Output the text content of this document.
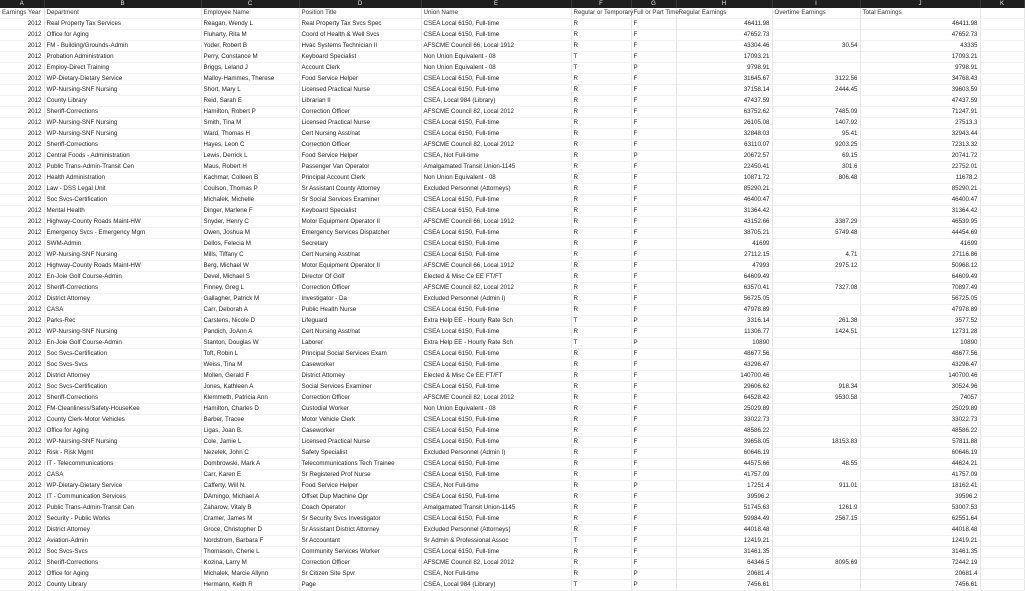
A	B	C	D	E	F	G	H	I	J	K
Earnings Year	Department	Employee Name	Position Title	Union Name	Regular or Temporary	Full or Part Time	Regular Earnings	Overtime Earnings	Total Earnings	
2012	Real Property Tax Services	Reagan, Wendy L	Real Property Tax Svcs Spec	CSEA Local 6150, Full-time	R	F	46411.98		46411.98	
2012	Office for Aging	Fluharty, Rita M	Coord of Health & Well Svcs	CSEA Local 6150, Full-time	R	F	47652.73		47652.73	
2012	FM - Building/Grounds-Admin	Yoder, Robert B	Hvac Systems Technician II	AFSCME Council 66, Local 1912	R	F	43304.46	30.54	43335	
2012	Probation Administration	Perry, Constance M	Keyboard Specialist	Non Union Equivalent - 08	T	F	17093.21		17093.21	
2012	Employ-Direct Training	Briggs, Leland J	Account Clerk	Non Union Equivalent - 08	T	P	9798.91		9798.91	
2012	WP-Dietary-Dietary Service	Malloy-Hammes, Therese	Food Service Helper	CSEA Local 6150, Full-time	R	F	31645.67	3122.56	34768.43	
2012	WP-Nursing-SNF Nursing	Short, Mary L	Licensed Practical Nurse	CSEA Local 6150, Full-time	R	F	37158.14	2444.45	39603.59	
2012	County Library	Reid, Sarah E	Librarian II	CSEA, Local 984 (Library)	R	F	47437.59		47437.59	
2012	Sheriff-Corrections	Hamilton, Robert P	Correction Officer	AFSCME Council 82, Local 2012	R	F	63752.62	7485.09	71247.91	
2012	WP-Nursing-SNF Nursing	Smith, Tina M	Licensed Practical Nurse	CSEA Local 6150, Full-time	R	F	26105.08	1407.92	27513.3	
2012	WP-Nursing-SNF Nursing	Ward, Thomas H	Cert Nursing Asst/nat	CSEA Local 6150, Full-time	R	F	32848.03	95.41	32943.44	
2012	Sheriff-Corrections	Hayes, Leon C	Correction Officer	AFSCME Council 82, Local 2012	R	F	63110.07	9203.25	72313.32	
2012	Central Foods - Administration	Lewis, Derrick L	Food Service Helper	CSEA, Not Full-time	R	P	20672.57	69.15	20741.72	
2012	Public Trans-Admin-Transit Cen	Maus, Robert H	Passenger Van Operator	Amalgamated Transit Union-1145	R	F	22450.41	301.6	22752.01	
2012	Health Administration	Kachmar, Colleen B	Principal Account Clerk	Non Union Equivalent - 08	R	F	10871.72	806.48	11678.2	
2012	Law - DSS Legal Unit	Coulson, Thomas P	Sr Assistant County Attorney	Excluded Personnel (Attorneys)	R	F	85290.21		85290.21	
2012	Soc Svcs-Certification	Michalek, Michelle	Sr Social Services Examiner	CSEA Local 6150, Full-time	R	F	46400.47		46400.47	
2012	Mental Health	Dinger, Marlene F	Keyboard Specialist	CSEA Local 6150, Full-time	R	F	31364.42		31364.42	
2012	Highway-County Roads Maint-HW	Snyder, Henry C	Motor Equipment Operator II	AFSCME Council 66, Local 1912	R	F	43152.66	3387.29	46539.95	
2012	Emergency Svcs - Emergency Mgm	Owen, Joshua M	Emergency Services Dispatcher	CSEA Local 6150, Full-time	R	F	38705.21	5749.48	44454.69	
2012	SWM-Admin	Dellos, Felecia M	Secretary	CSEA Local 6150, Full-time	R	F	41699		41699	
2012	WP-Nursing-SNF Nursing	Mills, Tiffany C	Cert Nursing Asst/nat	CSEA Local 6150, Full-time	R	F	27112.15	4.71	27116.86	
2012	Highway-County Roads Maint-HW	Berg, Michael W	Motor Equipment Operator II	AFSCME Council 66, Local 1912	R	F	47993	2975.12	50968.12	
2012	En-Joie Golf Course-Admin	Devel, Michael S	Director Of Golf	Elected & Misc Ce EE FT/FT	R	F	64609.49		64609.49	
2012	Sheriff-Corrections	Finney, Greg L	Correction Officer	AFSCME Council 82, Local 2012	R	F	63570.41	7327.08	70897.49	
2012	District Attorney	Gallagher, Patrick M	Investigator - Da	Excluded Personnel (Admin I)	R	F	56725.05		56725.05	
2012	CASA	Carr, Deborah A	Public Health Nurse	CSEA Local 6150, Full-time	R	F	47978.89		47978.89	
2012	Parks-Rec	Carstens, Nicole D	Lifeguard	Extra Help EE - Hourly Rate Sch	T	P	3316.14	261.38	3577.52	
2012	WP-Nursing-SNF Nursing	Pandich, JoAnn A	Cert Nursing Asst/nat	CSEA Local 6150, Full-time	R	F	11306.77	1424.51	12731.28	
2012	En-Joie Golf Course-Admin	Stanton, Douglas W	Laborer	Extra Help EE - Hourly Rate Sch	T	P	10890		10890	
2012	Soc Svcs-Certification	Toft, Robin L	Principal Social Services Exam	CSEA Local 6150, Full-time	R	F	48677.56		48677.56	
2012	Soc Svcs-Svcs	Weiss, Tina M	Caseworker	CSEA Local 6150, Full-time	R	F	43296.47		43296.47	
2012	District Attorney	Mollen, Gerald F	District Attorney	Elected & Misc Ce EE FT/FT	R	F	140700.46		140700.46	
2012	Soc Svcs-Certification	Jones, Kathleen A	Social Services Examiner	CSEA Local 6150, Full-time	R	F	29606.62	918.34	30524.96	
2012	Sheriff-Corrections	Klemmeth, Patricia Ann	Correction Officer	AFSCME Council 82, Local 2012	R	F	64528.42	9530.58	74057	
2012	FM-Cleanliness/Safety-HouseKee	Hamilton, Charles D	Custodial Worker	Non Union Equivalent - 08	R	F	25029.89		25029.89	
2012	County Clerk-Motor Vehicles	Barber, Tracee	Motor Vehicle Clerk	CSEA Local 6150, Full-time	R	F	33022.73		33022.73	
2012	Office for Aging	Ligas, Joan B.	Caseworker	CSEA Local 6150, Full-time	R	F	48586.22		48586.22	
2012	WP-Nursing-SNF Nursing	Cole, Jamie L	Licensed Practical Nurse	CSEA Local 6150, Full-time	R	F	39658.05	18153.83	57811.88	
2012	Risk - Risk Mgmt	Nezelek, John C	Safety Specialist	Excluded Personnel (Admin I)	R	F	60646.19		60646.19	
2012	IT - Telecommunications	Dombrowski, Mark A	Telecommunications Tech Trainee	CSEA Local 6150, Full-time	R	F	44575.66	48.55	44624.21	
2012	CASA	Carr, Karen E	Sr Registered Prof Nurse	CSEA Local 6150, Full-time	R	F	41757.09		41757.09	
2012	WP-Dietary-Dietary Service	Cafferty, Will N.	Food Service Helper	CSEA, Not Full-time	R	P	17251.4	911.01	18162.41	
2012	IT - Communication Services	DAmingo, Michael A	Offset Dup Machine Opr	CSEA Local 6150, Full-time	R	F	39596.2		39596.2	
2012	Public Trans-Admin-Transit Cen	Zaharow, Vitaly B	Coach Operator	Amalgamated Transit Union-1145	R	F	51745.63	1261.9	53007.53	
2012	Security - Public Works	Cramer, James M	Sr Security Svcs Investigator	CSEA Local 6150, Full-time	R	F	59984.49	2567.15	62551.64	
2012	District Attorney	Groce, Christopher D	Sr Assistant District Attorney	Excluded Personnel (Attorneys)	R	F	44018.48		44018.48	
2012	Aviation-Admin	Nordstrom, Barbara F	Sr Accountant	Sr Admin & Professional Assoc	T	F	12419.21		12419.21	
2012	Soc Svcs-Svcs	Thomason, Cherie L	Community Services Worker	CSEA Local 6150, Full-time	R	F	31461.35		31461.35	
2012	Sheriff-Corrections	Kozina, Larry M	Correction Officer	AFSCME Council 82, Local 2012	R	F	64346.5	8095.69	72442.19	
2012	Office for Aging	Michalek, Marcie Allynn	Sr Citizen Site Spvr	CSEA, Not Full-time	R	P	20681.4		20681.4	
2012	County Library	Hermann, Keith R	Page	CSEA, Local 984 (Library)	T	P	7456.61		7456.61	
